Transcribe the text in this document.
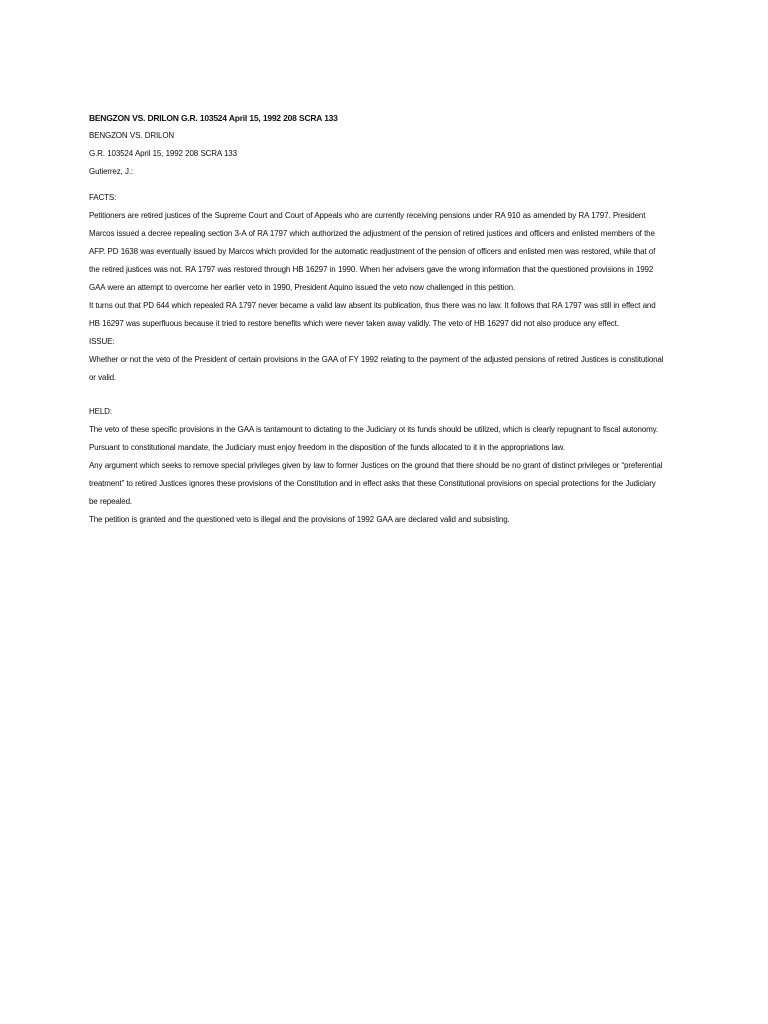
BENGZON VS. DRILON G.R. 103524 April 15, 1992 208 SCRA 133

BENGZON VS. DRILON

G.R. 103524 April 15, 1992 208 SCRA 133

Gutierrez, J.:

FACTS:

Petitioners are retired justices of the Supreme Court and Court of Appeals who are currently receiving pensions under RA 910 as amended by RA 1797. President Marcos issued a decree repealing section 3-A of RA 1797 which authorized the adjustment of the pension of retired justices and officers and enlisted members of the AFP. PD 1638 was eventually issued by Marcos which provided for the automatic readjustment of the pension of officers and enlisted men was restored, while that of the retired justices was not. RA 1797 was restored through HB 16297 in 1990. When her advisers gave the wrong information that the questioned provisions in 1992 GAA were an attempt to overcome her earlier veto in 1990, President Aquino issued the veto now challenged in this petition.

It turns out that PD 644 which repealed RA 1797 never became a valid law absent its publication, thus there was no law. It follows that RA 1797 was still in effect and HB 16297 was superfluous because it tried to restore benefits which were never taken away validly. The veto of HB 16297 did not also produce any effect.

ISSUE:

Whether or not the veto of the President of certain provisions in the GAA of FY 1992 relating to the payment of the adjusted pensions of retired Justices is constitutional or valid.

HELD:

The veto of these specific provisions in the GAA is tantamount to dictating to the Judiciary ot its funds should be utilized, which is clearly repugnant to fiscal autonomy. Pursuant to constitutional mandate, the Judiciary must enjoy freedom in the disposition of the funds allocated to it in the appropriations law.

Any argument which seeks to remove special privileges given by law to former Justices on the ground that there should be no grant of distinct privileges or “preferential treatment” to retired Justices ignores these provisions of the Constitution and in effect asks that these Constitutional provisions on special protections for the Judiciary be repealed.

The petition is granted and the questioned veto is illegal and the provisions of 1992 GAA are declared valid and subsisting.
